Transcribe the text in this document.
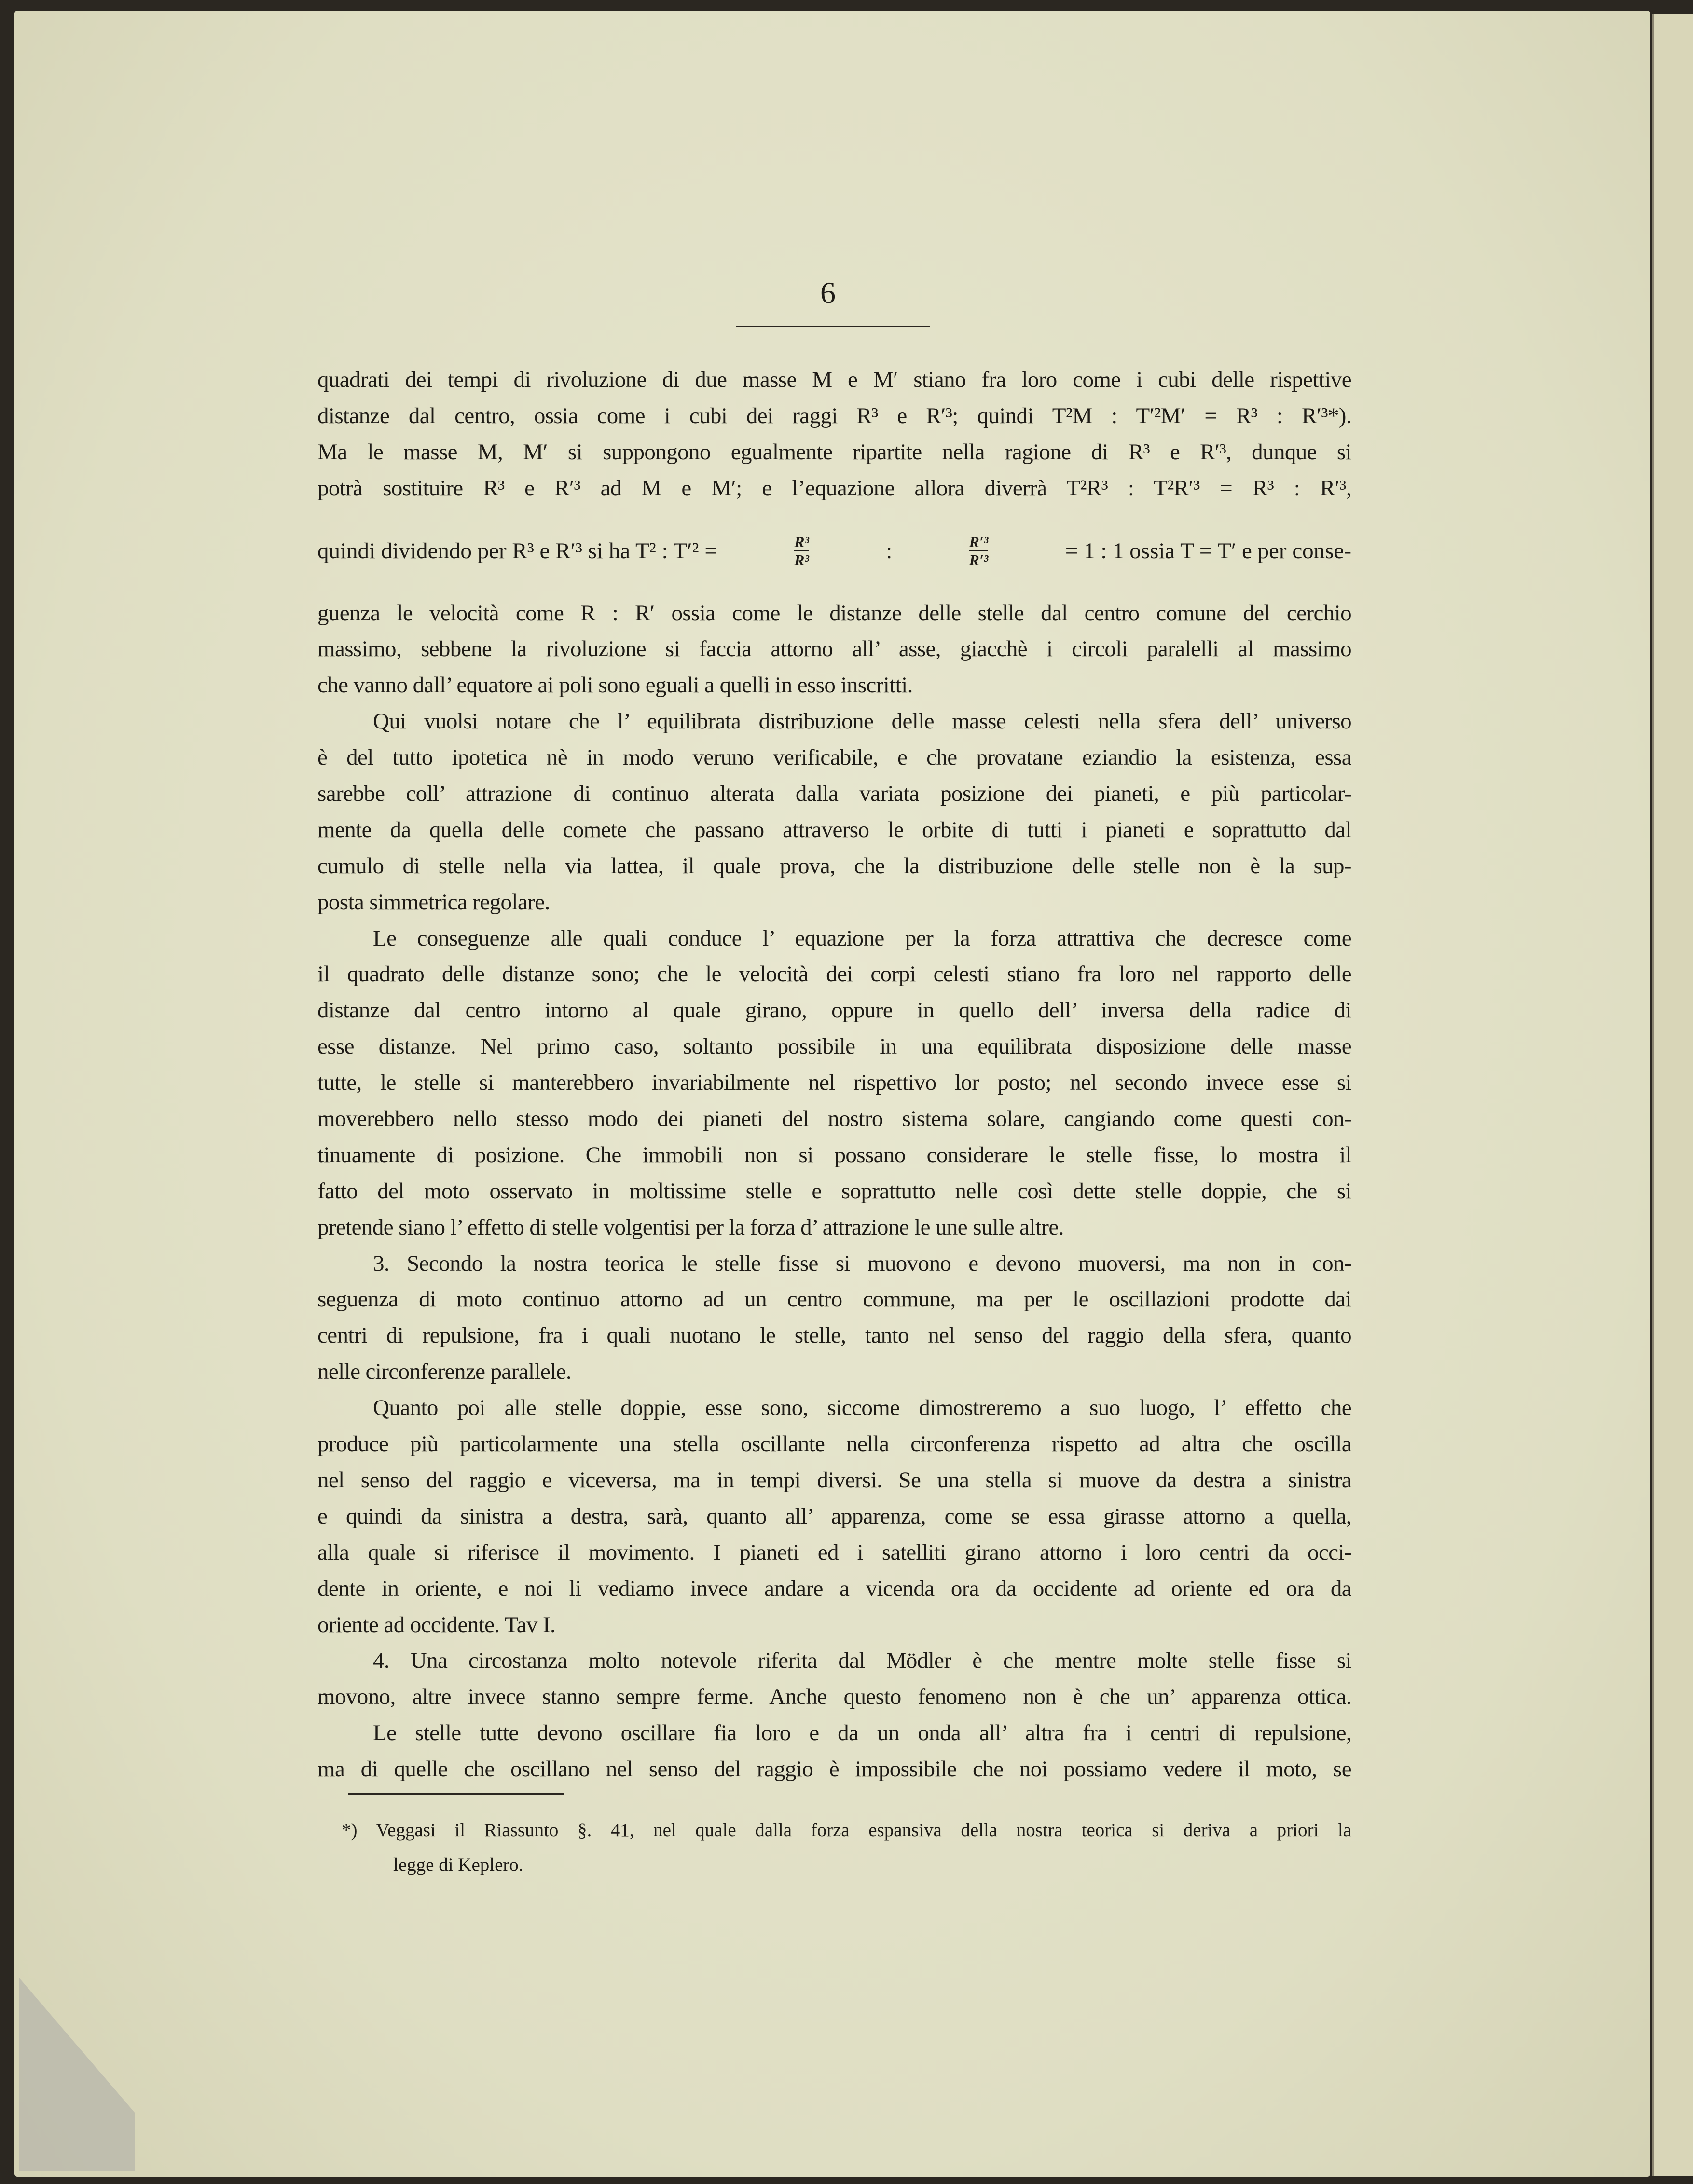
6
quadrati dei tempi di rivoluzione di due masse M e M′ stiano fra loro come i cubi delle rispettive
distanze dal centro, ossia come i cubi dei raggi R³ e R′³; quindi T²M : T′²M′ = R³ : R′³*).
Ma le masse M, M′ si suppongono egualmente ripartite nella ragione di R³ e R′³, dunque si
potrà sostituire R³ e R′³ ad M e M′; e l’equazione allora diverrà T²R³ : T²R′³ = R³ : R′³,
quindi dividendo per R³ e R′³ si ha T² : T′² =	$\frac{\text{R³}}{\text{R³}}$	:	$\frac{\text{R′³}}{\text{R′³}}$	= 1 : 1 ossia T = T′ e per conse-
guenza le velocità come R : R′ ossia come le distanze delle stelle dal centro comune del cerchio
massimo, sebbene la rivoluzione si faccia attorno all’ asse, giacchè i circoli paralelli al massimo
che vanno dall’ equatore ai poli sono eguali a quelli in esso inscritti.
Qui vuolsi notare che l’ equilibrata distribuzione delle masse celesti nella sfera dell’ universo
è del tutto ipotetica nè in modo veruno verificabile, e che provatane eziandio la esistenza, essa
sarebbe coll’ attrazione di continuo alterata dalla variata posizione dei pianeti, e più particolar-
mente da quella delle comete che passano attraverso le orbite di tutti i pianeti e soprattutto dal
cumulo di stelle nella via lattea, il quale prova, che la distribuzione delle stelle non è la sup-
posta simmetrica regolare.
Le conseguenze alle quali conduce l’ equazione per la forza attrattiva che decresce come
il quadrato delle distanze sono; che le velocità dei corpi celesti stiano fra loro nel rapporto delle
distanze dal centro intorno al quale girano, oppure in quello dell’ inversa della radice di
esse distanze. Nel primo caso, soltanto possibile in una equilibrata disposizione delle masse
tutte, le stelle si manterebbero invariabilmente nel rispettivo lor posto; nel secondo invece esse si
moverebbero nello stesso modo dei pianeti del nostro sistema solare, cangiando come questi con-
tinuamente di posizione. Che immobili non si possano considerare le stelle fisse, lo mostra il
fatto del moto osservato in moltissime stelle e soprattutto nelle così dette stelle doppie, che si
pretende siano l’ effetto di stelle volgentisi per la forza d’ attrazione le une sulle altre.
3. Secondo la nostra teorica le stelle fisse si muovono e devono muoversi, ma non in con-
seguenza di moto continuo attorno ad un centro commune, ma per le oscillazioni prodotte dai
centri di repulsione, fra i quali nuotano le stelle, tanto nel senso del raggio della sfera, quanto
nelle circonferenze parallele.
Quanto poi alle stelle doppie, esse sono, siccome dimostreremo a suo luogo, l’ effetto che
produce più particolarmente una stella oscillante nella circonferenza rispetto ad altra che oscilla
nel senso del raggio e viceversa, ma in tempi diversi. Se una stella si muove da destra a sinistra
e quindi da sinistra a destra, sarà, quanto all’ apparenza, come se essa girasse attorno a quella,
alla quale si riferisce il movimento. I pianeti ed i satelliti girano attorno i loro centri da occi-
dente in oriente, e noi li vediamo invece andare a vicenda ora da occidente ad oriente ed ora da
oriente ad occidente. Tav I.
4. Una circostanza molto notevole riferita dal Mödler è che mentre molte stelle fisse si
movono, altre invece stanno sempre ferme. Anche questo fenomeno non è che un’ apparenza ottica.
Le stelle tutte devono oscillare fia loro e da un onda all’ altra fra i centri di repulsione,
ma di quelle che oscillano nel senso del raggio è impossibile che noi possiamo vedere il moto, se
*) Veggasi il Riassunto §. 41, nel quale dalla forza espansiva della nostra teorica si deriva a priori la
legge di Keplero.
